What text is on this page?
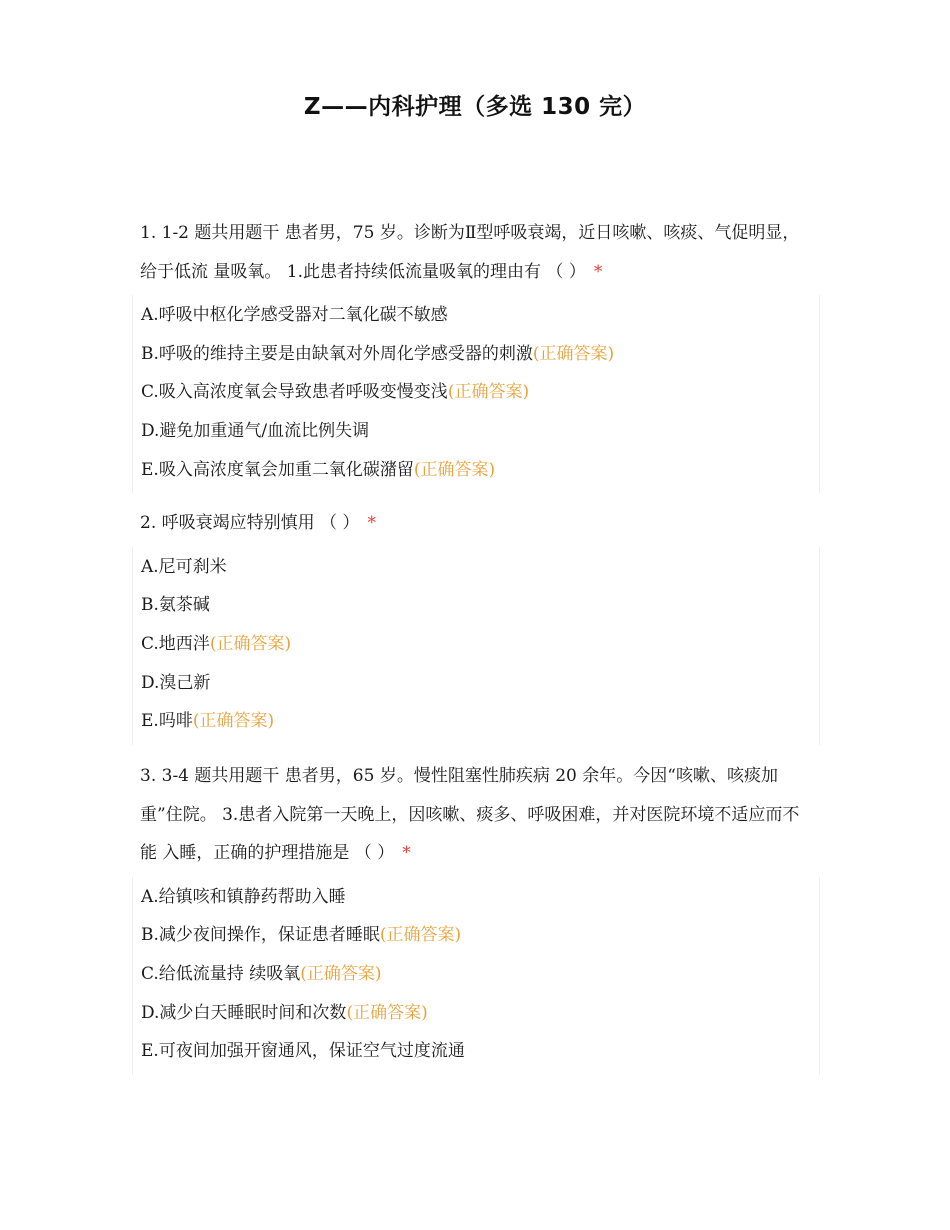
Z——内科护理（多选 130 完）
1. 1-2 题共用题干 患者男，75 岁。诊断为Ⅱ型呼吸衰竭，近日咳嗽、咳痰、气促明显，给于低流 量吸氧。 1.此患者持续低流量吸氧的理由有 （ ） *
A.呼吸中枢化学感受器对二氧化碳不敏感
B.呼吸的维持主要是由缺氧对外周化学感受器的刺激(正确答案)
C.吸入高浓度氧会导致患者呼吸变慢变浅(正确答案)
D.避免加重通气/血流比例失调
E.吸入高浓度氧会加重二氧化碳潴留(正确答案)
2. 呼吸衰竭应特别慎用 （ ） *
A.尼可刹米
B.氨茶碱
C.地西泮(正确答案)
D.溴己新
E.吗啡(正确答案)
3. 3-4 题共用题干 患者男，65 岁。慢性阻塞性肺疾病 20 余年。今因“咳嗽、咳痰加重”住院。 3.患者入院第一天晚上，因咳嗽、痰多、呼吸困难，并对医院环境不适应而不能 入睡，正确的护理措施是 （ ） *
A.给镇咳和镇静药帮助入睡
B.减少夜间操作，保证患者睡眠(正确答案)
C.给低流量持 续吸氧(正确答案)
D.减少白天睡眠时间和次数(正确答案)
E.可夜间加强开窗通风，保证空气过度流通
